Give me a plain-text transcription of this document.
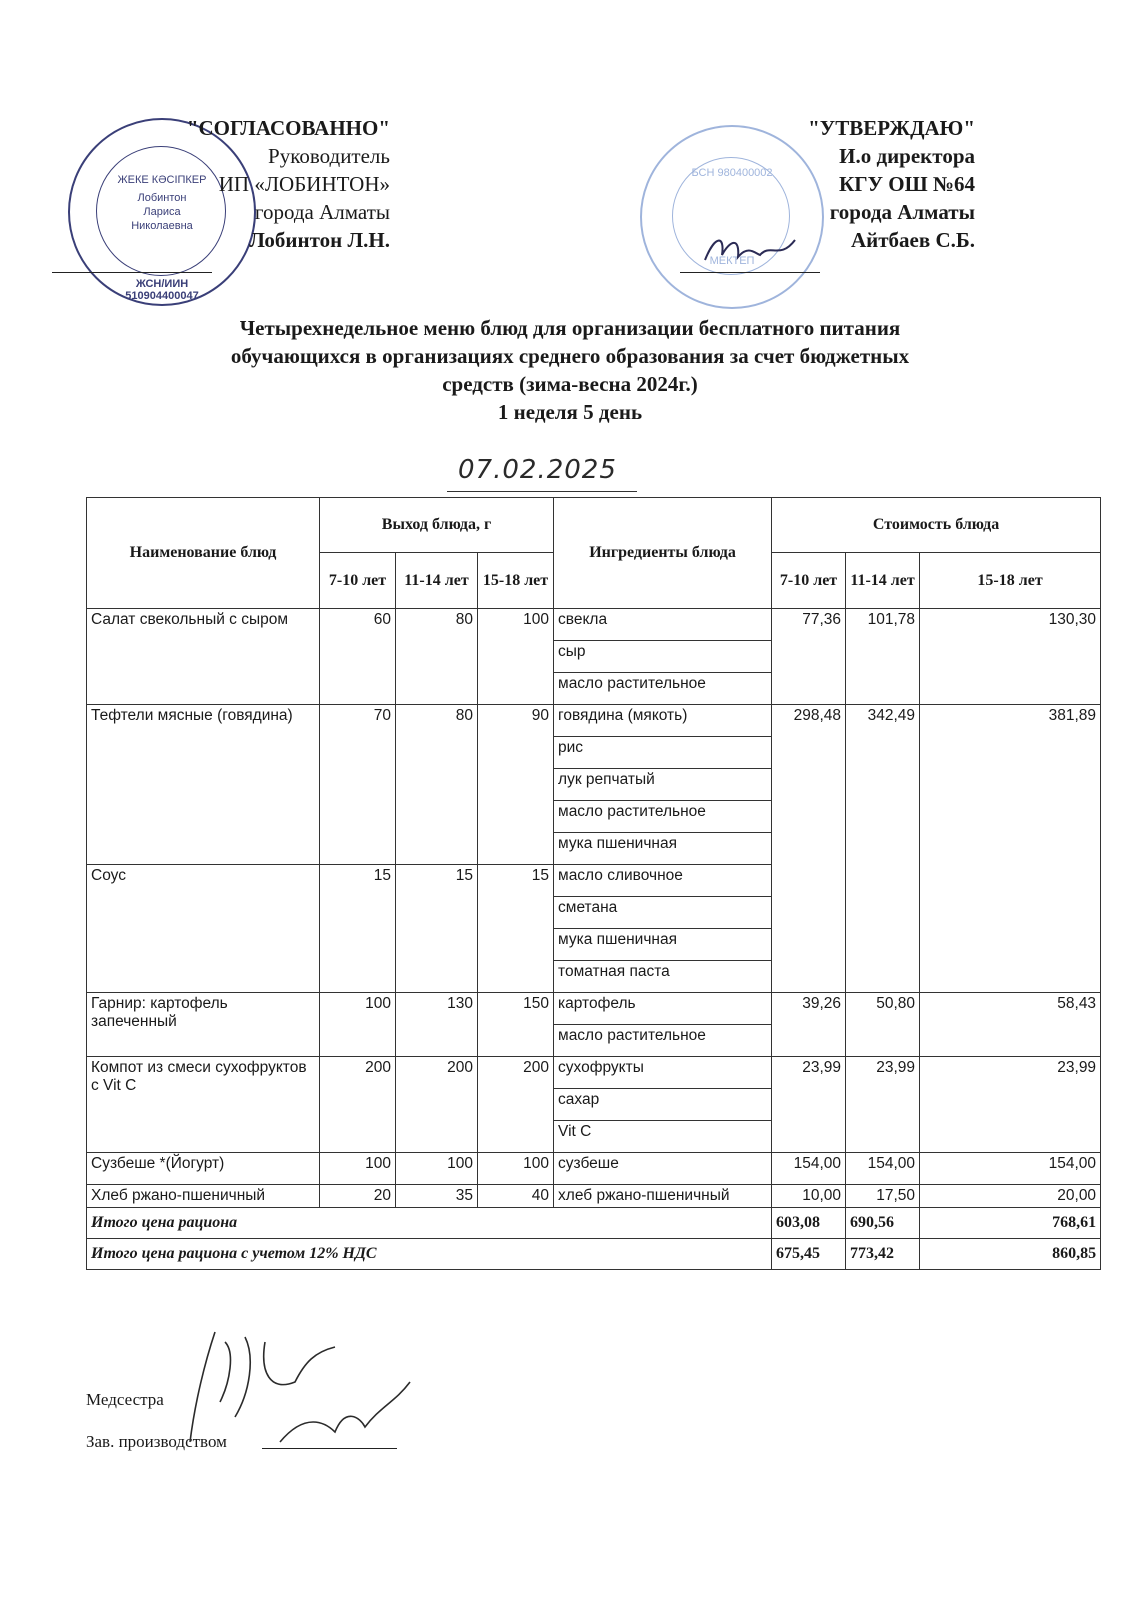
ЖЕКЕ КӘСІПКЕР
Лобинтон
Лариса
Николаевна
ЖСН/ИИН
510904400047
БСН 980400002
МЕКТЕП
"СОГЛАСОВАННО"
Руководитель
ИП «ЛОБИНТОН»
города Алматы
Лобинтон Л.Н.
"УТВЕРЖДАЮ"
И.о директора
КГУ ОШ №64
города Алматы
Айтбаев С.Б.
Четырехнедельное меню блюд для организации бесплатного питания
обучающихся в организациях среднего образования за счет бюджетных
средств (зима-весна 2024г.)
1 неделя 5 день
07.02.2025
Наименование блюд	Выход блюда, г			Ингредиенты блюда	Стоимость блюда		
	7-10 лет	11-14 лет	15-18 лет		7-10 лет	11-14 лет	15-18 лет
Салат свекольный с сыром	60	80	100	свекла	77,36	101,78	130,30
				сыр			
				масло растительное			
Тефтели мясные (говядина)	70	80	90	говядина (мякоть)	298,48	342,49	381,89
				рис			
				лук репчатый			
				масло растительное			
				мука пшеничная			
Соус	15	15	15	масло сливочное			
				сметана			
				мука пшеничная			
				томатная паста			
Гарнир: картофель запеченный	100	130	150	картофель	39,26	50,80	58,43
				масло растительное			
Компот из смеси сухофруктов с Vit C	200	200	200	сухофрукты	23,99	23,99	23,99
				сахар			
				Vit C			
Сузбеше *(Йогурт)	100	100	100	сузбеше	154,00	154,00	154,00
Хлеб ржано-пшеничный	20	35	40	хлеб ржано-пшеничный	10,00	17,50	20,00
Итого цена рациона					603,08	690,56	768,61
Итого цена рациона с учетом 12% НДС					675,45	773,42	860,85
Медсестра
Зав. производством
